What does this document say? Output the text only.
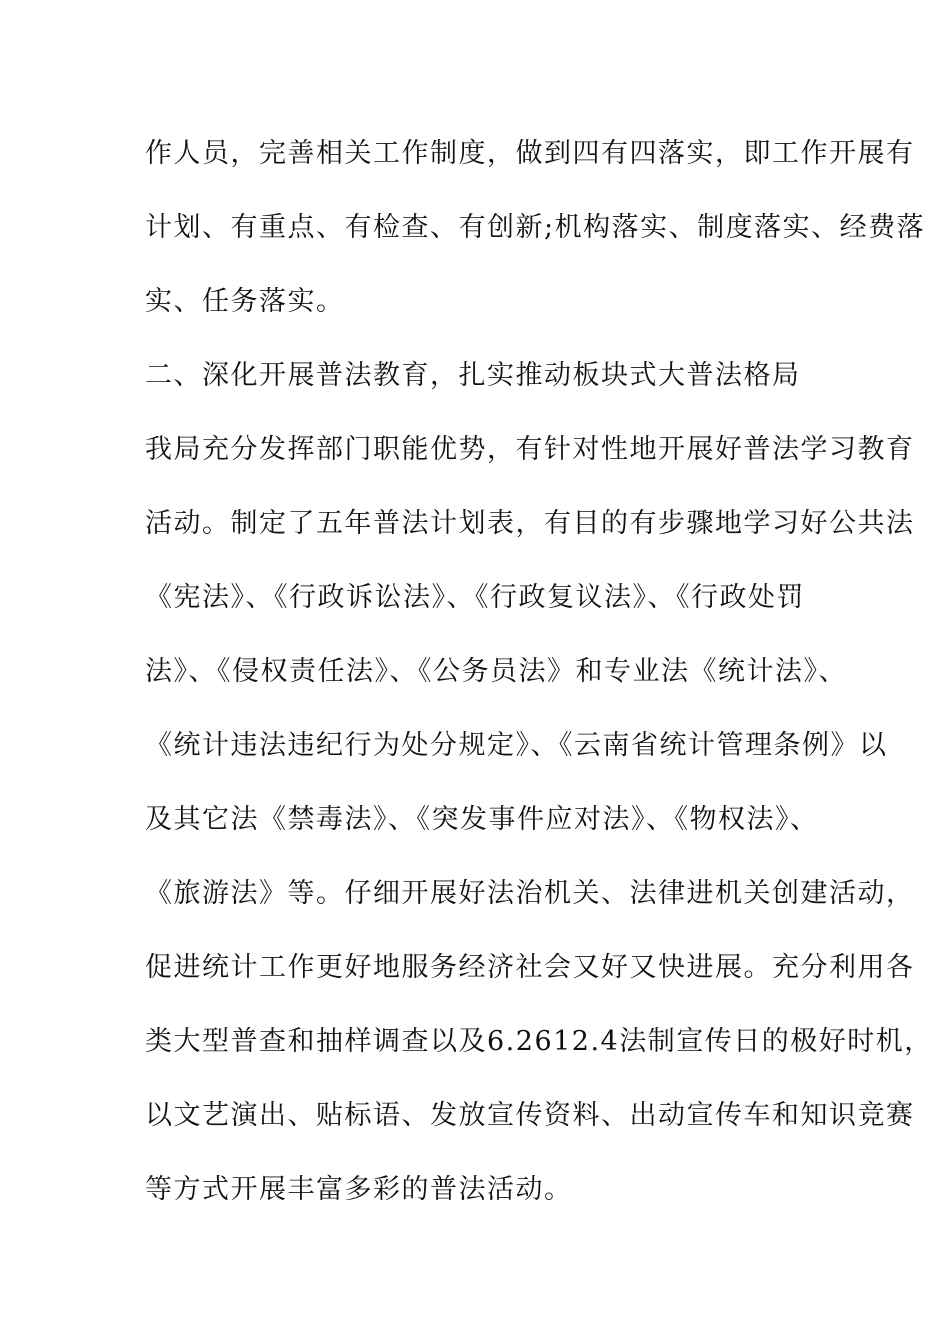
作人员，完善相关工作制度，做到四有四落实，即工作开展有
计划、有重点、有检查、有创新;机构落实、制度落实、经费落
实、任务落实。
二、深化开展普法教育，扎实推动板块式大普法格局
我局充分发挥部门职能优势，有针对性地开展好普法学习教育
活动。制定了五年普法计划表，有目的有步骤地学习好公共法
《宪法》、《行政诉讼法》、《行政复议法》、《行政处罚
法》、《侵权责任法》、《公务员法》和专业法《统计法》、
《统计违法违纪行为处分规定》、《云南省统计管理条例》以
及其它法《禁毒法》、《突发事件应对法》、《物权法》、
《旅游法》等。仔细开展好法治机关、法律进机关创建活动，
促进统计工作更好地服务经济社会又好又快进展。充分利用各
类大型普查和抽样调查以及6.2612.4法制宣传日的极好时机，
以文艺演出、贴标语、发放宣传资料、出动宣传车和知识竞赛
等方式开展丰富多彩的普法活动。
